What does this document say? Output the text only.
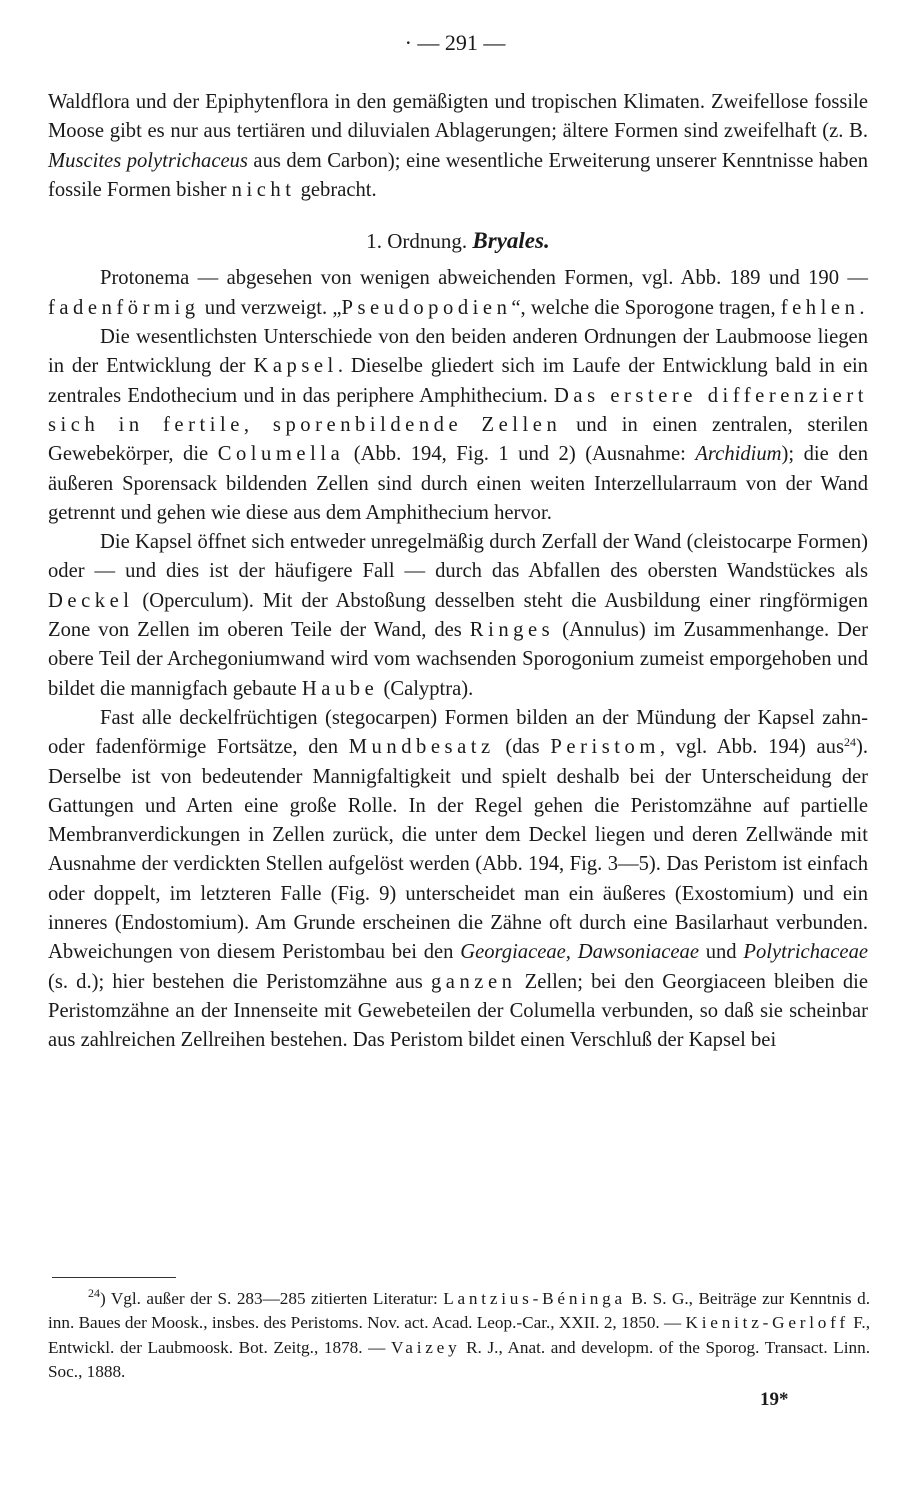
· — 291 —

Waldflora und der Epiphytenflora in den gemäßigten und tropischen Klimaten. Zweifellose fossile Moose gibt es nur aus tertiären und diluvialen Ablagerungen; ältere Formen sind zweifelhaft (z. B. Muscites polytrichaceus aus dem Carbon); eine wesentliche Erweiterung unserer Kenntnisse haben fossile Formen bisher nicht gebracht.

1. Ordnung. Bryales.

Protonema — abgesehen von wenigen abweichenden Formen, vgl. Abb. 189 und 190 — fadenförmig und verzweigt. „Pseudopodien“, welche die Sporogone tragen, fehlen.

Die wesentlichsten Unterschiede von den beiden anderen Ordnungen der Laubmoose liegen in der Entwicklung der Kapsel. Dieselbe gliedert sich im Laufe der Entwicklung bald in ein zentrales Endothecium und in das periphere Amphithecium. Das erstere differenziert sich in fertile, sporenbildende Zellen und in einen zentralen, sterilen Gewebekörper, die Columella (Abb. 194, Fig. 1 und 2) (Ausnahme: Archidium); die den äußeren Sporensack bildenden Zellen sind durch einen weiten Interzellularraum von der Wand getrennt und gehen wie diese aus dem Amphithecium hervor.

Die Kapsel öffnet sich entweder unregelmäßig durch Zerfall der Wand (cleistocarpe Formen) oder — und dies ist der häufigere Fall — durch das Abfallen des obersten Wandstückes als Deckel (Operculum). Mit der Abstoßung desselben steht die Ausbildung einer ringförmigen Zone von Zellen im oberen Teile der Wand, des Ringes (Annulus) im Zusammenhange. Der obere Teil der Archegoniumwand wird vom wachsenden Sporogonium zumeist emporgehoben und bildet die mannigfach gebaute Haube (Calyptra).

Fast alle deckelfrüchtigen (stegocarpen) Formen bilden an der Mündung der Kapsel zahn- oder fadenförmige Fortsätze, den Mundbesatz (das Peristom, vgl. Abb. 194) aus$^{24}$). Derselbe ist von bedeutender Mannigfaltigkeit und spielt deshalb bei der Unterscheidung der Gattungen und Arten eine große Rolle. In der Regel gehen die Peristomzähne auf partielle Membranverdickungen in Zellen zurück, die unter dem Deckel liegen und deren Zellwände mit Ausnahme der verdickten Stellen aufgelöst werden (Abb. 194, Fig. 3—5). Das Peristom ist einfach oder doppelt, im letzteren Falle (Fig. 9) unterscheidet man ein äußeres (Exostomium) und ein inneres (Endostomium). Am Grunde erscheinen die Zähne oft durch eine Basilarhaut verbunden. Abweichungen von diesem Peristombau bei den Georgiaceae, Dawsoniaceae und Polytrichaceae (s. d.); hier bestehen die Peristomzähne aus ganzen Zellen; bei den Georgiaceen bleiben die Peristomzähne an der Innenseite mit Gewebeteilen der Columella verbunden, so daß sie scheinbar aus zahlreichen Zellreihen bestehen. Das Peristom bildet einen Verschluß der Kapsel bei

$^{24}$) Vgl. außer der S. 283—285 zitierten Literatur: Lantzius-Béninga B. S. G., Beiträge zur Kenntnis d. inn. Baues der Moosk., insbes. des Peristoms. Nov. act. Acad. Leop.-Car., XXII. 2, 1850. — Kienitz-Gerloff F., Entwickl. der Laubmoosk. Bot. Zeitg., 1878. — Vaizey R. J., Anat. and developm. of the Sporog. Transact. Linn. Soc., 1888.

19*
